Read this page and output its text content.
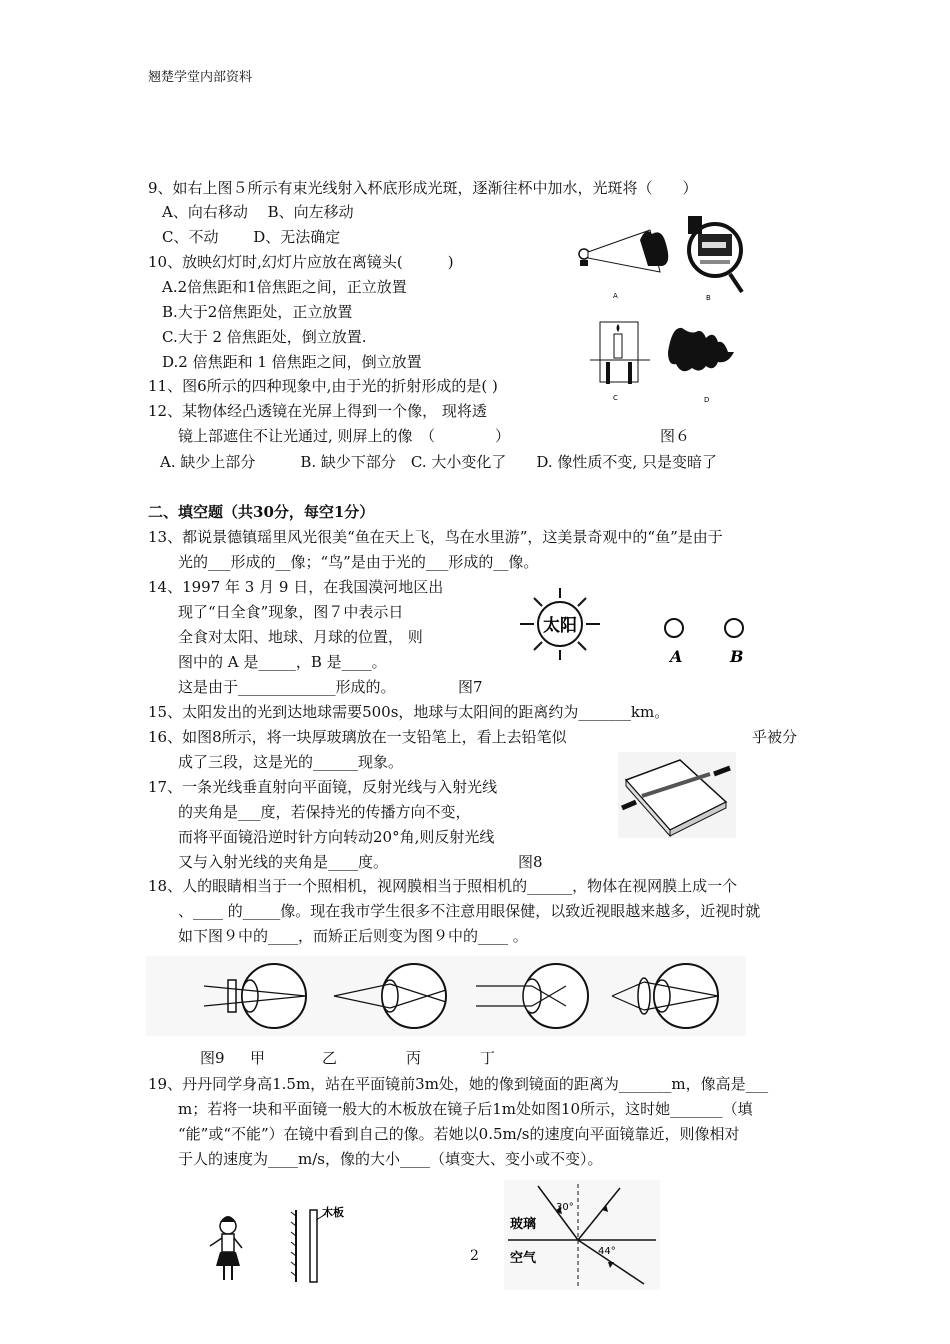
翘楚学堂内部资料
9、如右上图５所示有束光线射入杯底形成光斑，逐渐往杯中加水，光斑将（　　）
A、向右移动　 B、向左移动
C、不动　　 D、无法确定
10、放映幻灯时,幻灯片应放在离镜头(　　　)
A.2倍焦距和1倍焦距之间，正立放置
B.大于2倍焦距处，正立放置
C.大于 2 倍焦距处，倒立放置.
D.2 倍焦距和 1 倍焦距之间，倒立放置
11、图6所示的四种现象中,由于光的折射形成的是( )
12、某物体经凸透镜在光屏上得到一个像， 现将透
镜上部遮住不让光通过, 则屏上的像　（　　　　）	图６
A. 缺少上部分　　　B. 缺少下部分　C. 大小变化了　　D. 像性质不变, 只是变暗了
A	B
C	D
二、填空题（共30分，每空1分）
13、都说景德镇瑶里风光很美“鱼在天上飞，鸟在水里游”，这美景奇观中的“鱼”是由于
光的___形成的__像；“鸟”是由于光的___形成的__像。
14、1997 年 3 月 9 日，在我国漠河地区出
现了“日全食”现象，图７中表示日
全食对太阳、地球、月球的位置， 则
图中的 A 是_____，B 是____。
这是由于_____________形成的。	图7
太阳
A	B
15、太阳发出的光到达地球需要500s，地球与太阳间的距离约为_______km。
16、如图8所示，将一块厚玻璃放在一支铅笔上，看上去铅笔似	乎被分
成了三段，这是光的______现象。
17、一条光线垂直射向平面镜，反射光线与入射光线
的夹角是___度，若保持光的传播方向不变，
而将平面镜沿逆时针方向转动20°角,则反射光线
又与入射光线的夹角是____度。	图8
18、人的眼睛相当于一个照相机，视网膜相当于照相机的______，物体在视网膜上成一个
、____ 的_____像。现在我市学生很多不注意用眼保健，以致近视眼越来越多，近视时就
如下图９中的____，而矫正后则变为图９中的____ 。
图9 甲	乙	丙	丁
19、丹丹同学身高1.5m，站在平面镜前3m处，她的像到镜面的距离为_______m，像高是___
m；若将一块和平面镜一般大的木板放在镜子后1m处如图10所示，这时她_______（填
“能”或“不能”）在镜中看到自己的像。若她以0.5m/s的速度向平面镜靠近，则像相对
于人的速度为____m/s，像的大小____（填变大、变小或不变）。
木板
2
30°
44°
玻璃
空气
